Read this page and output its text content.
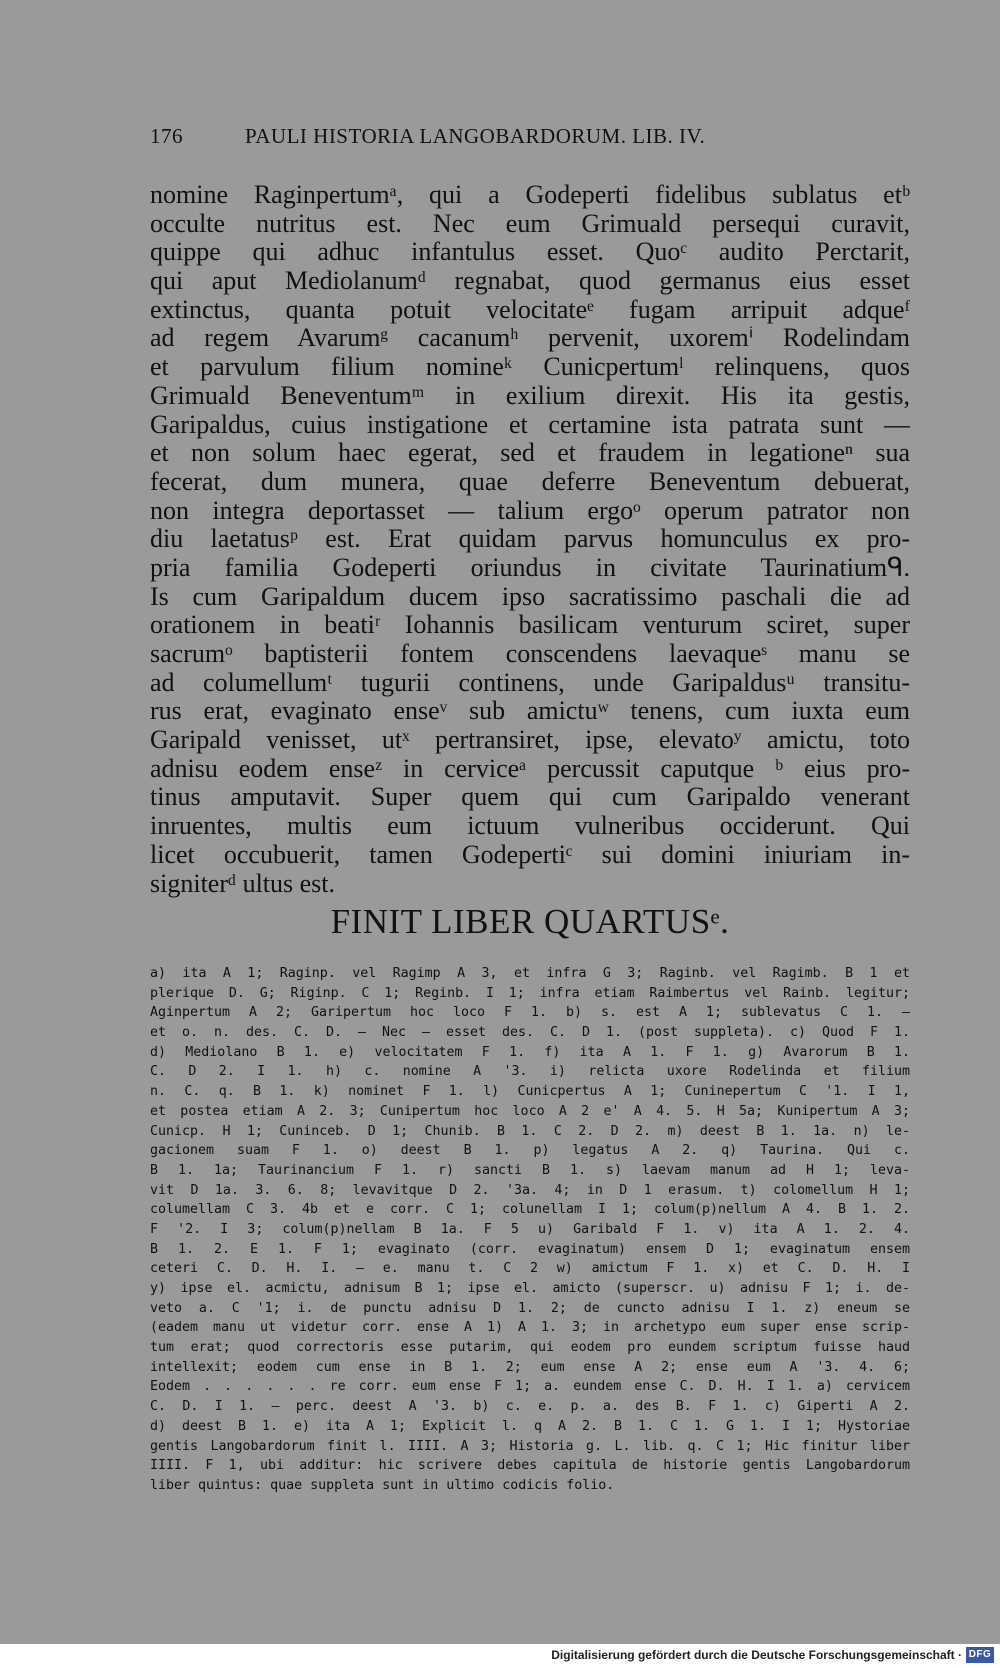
176	PAULI HISTORIA LANGOBARDORUM. LIB. IV.
nomine Raginpertumᵃ, qui a Godeperti fidelibus sublatus etᵇ
occulte nutritus est. Nec eum Grimuald persequi curavit,
quippe qui adhuc infantulus esset. Quoᶜ audito Perctarit,
qui aput Mediolanumᵈ regnabat, quod germanus eius esset
extinctus, quanta potuit velocitateᵉ fugam arripuit adqueᶠ
ad regem Avarumᵍ cacanumʰ pervenit, uxoremⁱ Rodelindam
et parvulum filium nomineᵏ Cunicpertumˡ relinquens, quos
Grimuald Beneventumᵐ in exilium direxit. His ita gestis,
Garipaldus, cuius instigatione et certamine ista patrata sunt —
et non solum haec egerat, sed et fraudem in legationeⁿ sua
fecerat, dum munera, quae deferre Beneventum debuerat,
non integra deportasset — talium ergoᵒ operum patrator non
diu laetatusᵖ est. Erat quidam parvus homunculus ex pro-
pria familia Godeperti oriundus in civitate Taurinatiumᑫ.
Is cum Garipaldum ducem ipso sacratissimo paschali die ad
orationem in beatiʳ Iohannis basilicam venturum sciret, super
sacrumᵒ baptisterii fontem conscendens laevaqueˢ manu se
ad columellumᵗ tugurii continens, unde Garipaldusᵘ transitu-
rus erat, evaginato enseᵛ sub amictuʷ tenens, cum iuxta eum
Garipald venisset, utˣ pertransiret, ipse, elevatoʸ amictu, toto
adnisu eodem enseᶻ in cerviceᵃ percussit caputque ᵇ eius pro-
tinus amputavit. Super quem qui cum Garipaldo venerant
inruentes, multis eum ictuum vulneribus occiderunt. Qui
licet occubuerit, tamen Godepertiᶜ sui domini iniuriam in-
signiterᵈ ultus est.
FINIT LIBER QUARTUSᵉ.
a) ita A 1; Raginp. vel Ragimp A 3, et infra G 3; Raginb. vel Ragimb. B 1 et
plerique D. G; Riginp. C 1; Reginb. I 1; infra etiam Raimbertus vel Rainb. legitur;
Aginpertum A 2; Garipertum hoc loco F 1. b) s. est A 1; sublevatus C 1. —
et o. n. des. C. D. — Nec — esset des. C. D 1. (post suppleta). c) Quod F 1.
d) Mediolano B 1. e) velocitatem F 1. f) ita A 1. F 1. g) Avarorum B 1.
C. D 2. I 1. h) c. nomine A '3. i) relicta uxore Rodelinda et filium
n. C. q. B 1. k) nominet F 1. l) Cunicpertus A 1; Cuninepertum C '1. I 1,
et postea etiam A 2. 3; Cunipertum hoc loco A 2 e' A 4. 5. H 5a; Kunipertum A 3;
Cunicp. H 1; Cuninceb. D 1; Chunib. B 1. C 2. D 2. m) deest B 1. 1a. n) le-
gacionem suam F 1. o) deest B 1. p) legatus A 2. q) Taurina. Qui c.
B 1. 1a; Taurinancium F 1. r) sancti B 1. s) laevam manum ad H 1; leva-
vit D 1a. 3. 6. 8; levavitque D 2. '3a. 4; in D 1 erasum. t) colomellum H 1;
columellam C 3. 4b et e corr. C 1; colunellam I 1; colum(p)nellum A 4. B 1. 2.
F '2. I 3; colum(p)nellam B 1a. F 5 u) Garibald F 1. v) ita A 1. 2. 4.
B 1. 2. E 1. F 1; evaginato (corr. evaginatum) ensem D 1; evaginatum ensem
ceteri C. D. H. I. — e. manu t. C 2 w) amictum F 1. x) et C. D. H. I
y) ipse el. acmictu, adnisum B 1; ipse el. amicto (superscr. u) adnisu F 1; i. de-
veto a. C '1; i. de punctu adnisu D 1. 2; de cuncto adnisu I 1. z) eneum se
(eadem manu ut videtur corr. ense A 1) A 1. 3; in archetypo eum super ense scrip-
tum erat; quod correctoris esse putarim, qui eodem pro eundem scriptum fuisse haud
intellexit; eodem cum ense in B 1. 2; eum ense A 2; ense eum A '3. 4. 6;
Eodem . . . . . . re corr. eum ense F 1; a. eundem ense C. D. H. I 1. a) cervicem
C. D. I 1. — perc. deest A '3. b) c. e. p. a. des B. F 1. c) Giperti A 2.
d) deest B 1. e) ita A 1; Explicit l. q A 2. B 1. C 1. G 1. I 1; Hystoriae
gentis Langobardorum finit l. IIII. A 3; Historia g. L. lib. q. C 1; Hic finitur liber
IIII. F 1, ubi additur: hic scrivere debes capitula de historie gentis Langobardorum
liber quintus: quae suppleta sunt in ultimo codicis folio.
Digitalisierung gefördert durch die Deutsche Forschungsgemeinschaft · DFG
